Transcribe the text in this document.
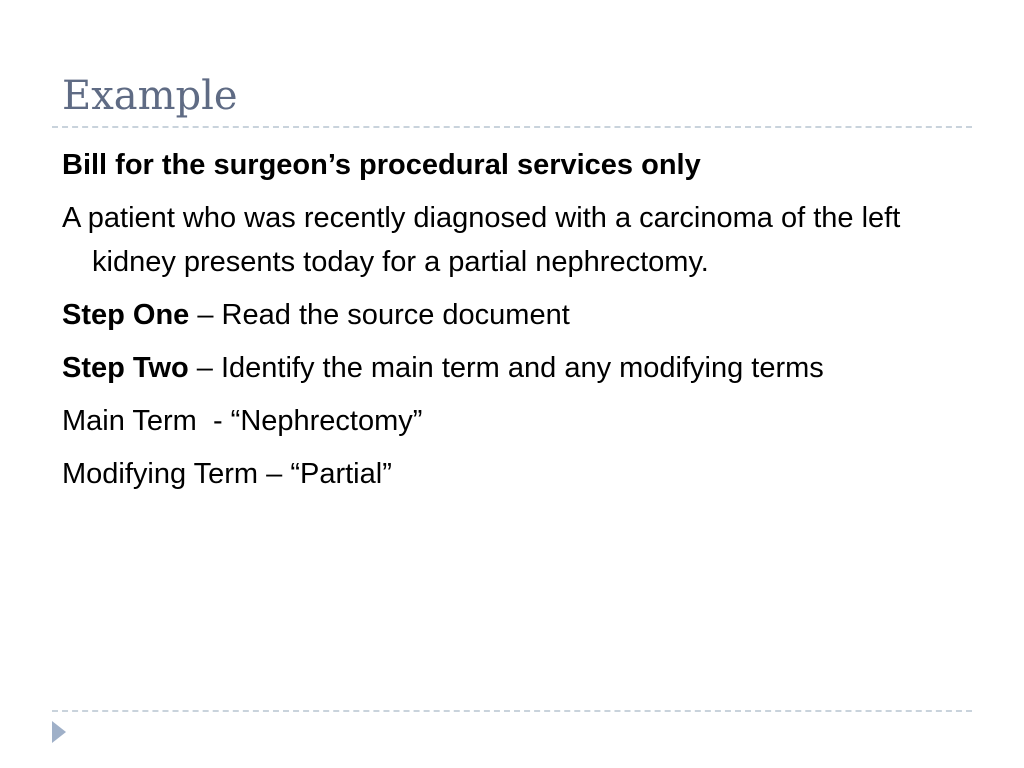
Example

Bill for the surgeon’s procedural services only

A patient who was recently diagnosed with a carcinoma of the left kidney presents today for a partial nephrectomy.

Step One – Read the source document

Step Two – Identify the main term and any modifying terms

Main Term  - “Nephrectomy”

Modifying Term – “Partial”
